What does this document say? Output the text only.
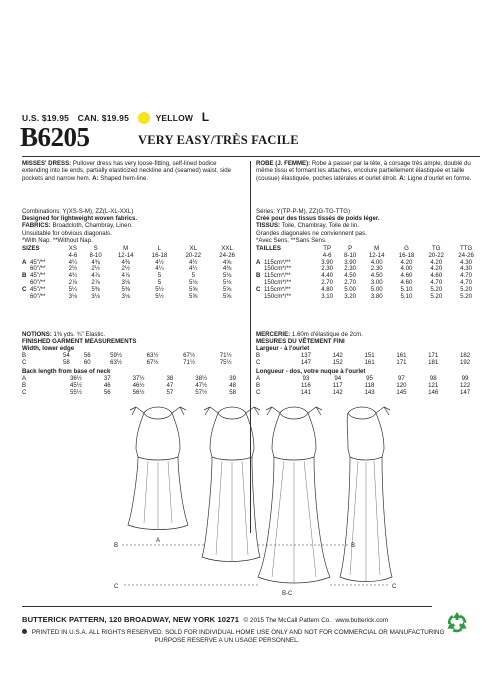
U.S. $19.95 CAN. $19.95	YELLOW L
B6205	VERY EASY/TRÈS FACILE
MISSES' DRESS: Pullover dress has very loose-fitting, self-lined bodice extending into tie ends, partially elasticized neckline and (seamed) waist, side pockets and narrow hem. A: Shaped hem-line.
Combinations: Y(XS-S-M), ZZ(L-XL-XXL)
Designed for lightweight woven fabrics.
FABRICS: Broadcloth, Chambray, Linen.
Unsuitable for obvious diagonals.
*With Nap. **Without Nap.
SIZES		XS	S	M	L	XL	XXL
		4-6	8-10	12-14	16-18	20-22	24-26
A	45"/**	4¼	4⅜	4⅜	4½	4½	4⅝
	60"/**	2½	2½	2½	4¼	4¼	4⅜
B	45"/**	4¾	4⅞	4⅞	5	5	5⅛
	60"/**	2⅞	2⅞	3⅛	5	5⅛	5⅛
C	45"/**	5¼	5⅜	5⅜	5½	5⅝	5⅝
	60"/**	3⅛	3⅛	3⅛	5½	5⅝	5⅝
NOTIONS: 1⅜ yds. ¾" Elastic.
FINISHED GARMENT MEASUREMENTS
Width, lower edge
B	54	56	59½	63½	67½	71½
C	58	60	63½	67½	71½	75½
Back length from base of neck
A	36½	37	37½	38	38½	39
B	45½	46	46½	47	47½	48
C	55½	56	56½	57	57½	58
ROBE (J. FEMME): Robe à passer par la tête, à corsage très ample, doublé du même tissu et formant les attaches, encolure partiellement élastiquée et taille (cousue) élastiquée, poches latérales et ourlet étroit. A: Ligne d'ourlet en forme.
Séries: Y(TP-P-M), ZZ(G-TG-TTG)
Créé pour des tissus tissés de poids léger.
TISSUS: Toile, Chambray, Toile de lin.
Grandes diagonales ne conviennent pas.
*Avec Sens. **Sans Sens.
TAILLES		TP	P	M	G	TG	TTG
		4-6	8-10	12-14	16-18	20-22	24-26
A	115cm*/**	3.90	3.90	4.00	4.20	4.20	4.30
	150cm*/**	2.30	2.30	2.30	4.00	4.20	4.30
B	115cm*/**	4.40	4.50	4.50	4.60	4.60	4.70
	150cm*/**	2.70	2.70	3.00	4.60	4.70	4.70
C	115cm*/**	4.80	5.00	5.00	5.10	5.20	5.20
	150cm*/**	3.10	3.20	3.80	5.10	5.20	5.20
MERCERIE: 1.60m d'élastique de 2cm.
MESURES DU VÊTEMENT FINI
Largeur - à l'ourlet
B	137	142	151	161	171	182
C	147	152	161	171	181	192
Longueur - dos, votre nuque à l'ourlet
A	93	94	95	97	98	99
B	116	117	118	120	121	122
C	141	142	143	145	146	147
A
B
C
B
C
B-C
BUTTERICK PATTERN, 120 BROADWAY, NEW YORK 10271 © 2015 The McCall Pattern Co. www.butterick.com
PRINTED IN U.S.A. ALL RIGHTS RESERVED. SOLD FOR INDIVIDUAL HOME USE ONLY AND NOT FOR COMMERCIAL OR MANUFACTURING
PURPOSE RESERVE A UN USAGE PERSONNEL.
